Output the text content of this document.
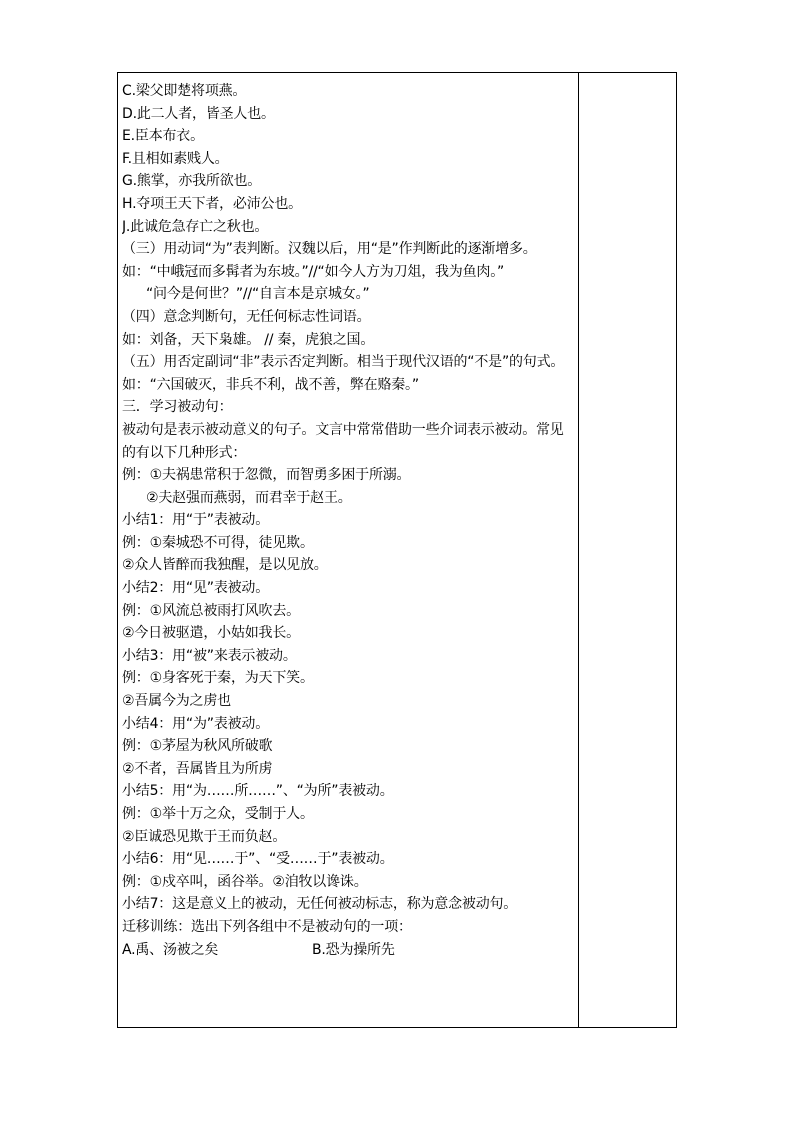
C.梁父即楚将项燕。
D.此二人者，皆圣人也。
E.臣本布衣。
F.且相如素贱人。
G.熊掌，亦我所欲也。
H.夺项王天下者，必沛公也。
J.此诚危急存亡之秋也。
（三）用动词“为”表判断。汉魏以后，用“是”作判断此的逐渐增多。
如：“中峨冠而多髯者为东坡。”//“如今人方为刀俎，我为鱼肉。”
“问今是何世？”//“自言本是京城女。”
（四）意念判断句，无任何标志性词语。
如：刘备，天下枭雄。 // 秦，虎狼之国。
（五）用否定副词“非”表示否定判断。相当于现代汉语的“不是”的句式。
如：“六国破灭，非兵不利，战不善，弊在赂秦。”
三．学习被动句：
被动句是表示被动意义的句子。文言中常常借助一些介词表示被动。常见的有以下几种形式：
例：①夫祸患常积于忽微，而智勇多困于所溺。
②夫赵强而燕弱，而君幸于赵王。
小结1：用“于”表被动。
例：①秦城恐不可得，徒见欺。
②众人皆醉而我独醒，是以见放。
小结2：用“见”表被动。
例：①风流总被雨打风吹去。
②今日被驱遣，小姑如我长。
小结3：用“被”来表示被动。
例：①身客死于秦，为天下笑。
②吾属今为之虏也
小结4：用“为”表被动。
例：①茅屋为秋风所破歌
②不者，吾属皆且为所虏
小结5：用“为……所……”、“为所”表被动。
例：①举十万之众，受制于人。
②臣诚恐见欺于王而负赵。
小结6：用“见……于”、“受……于”表被动。
例：①戍卒叫，函谷举。②洎牧以谗诛。
小结7：这是意义上的被动，无任何被动标志，称为意念被动句。
迁移训练：选出下列各组中不是被动句的一项：
A.禹、汤被之矣	B.恐为操所先
